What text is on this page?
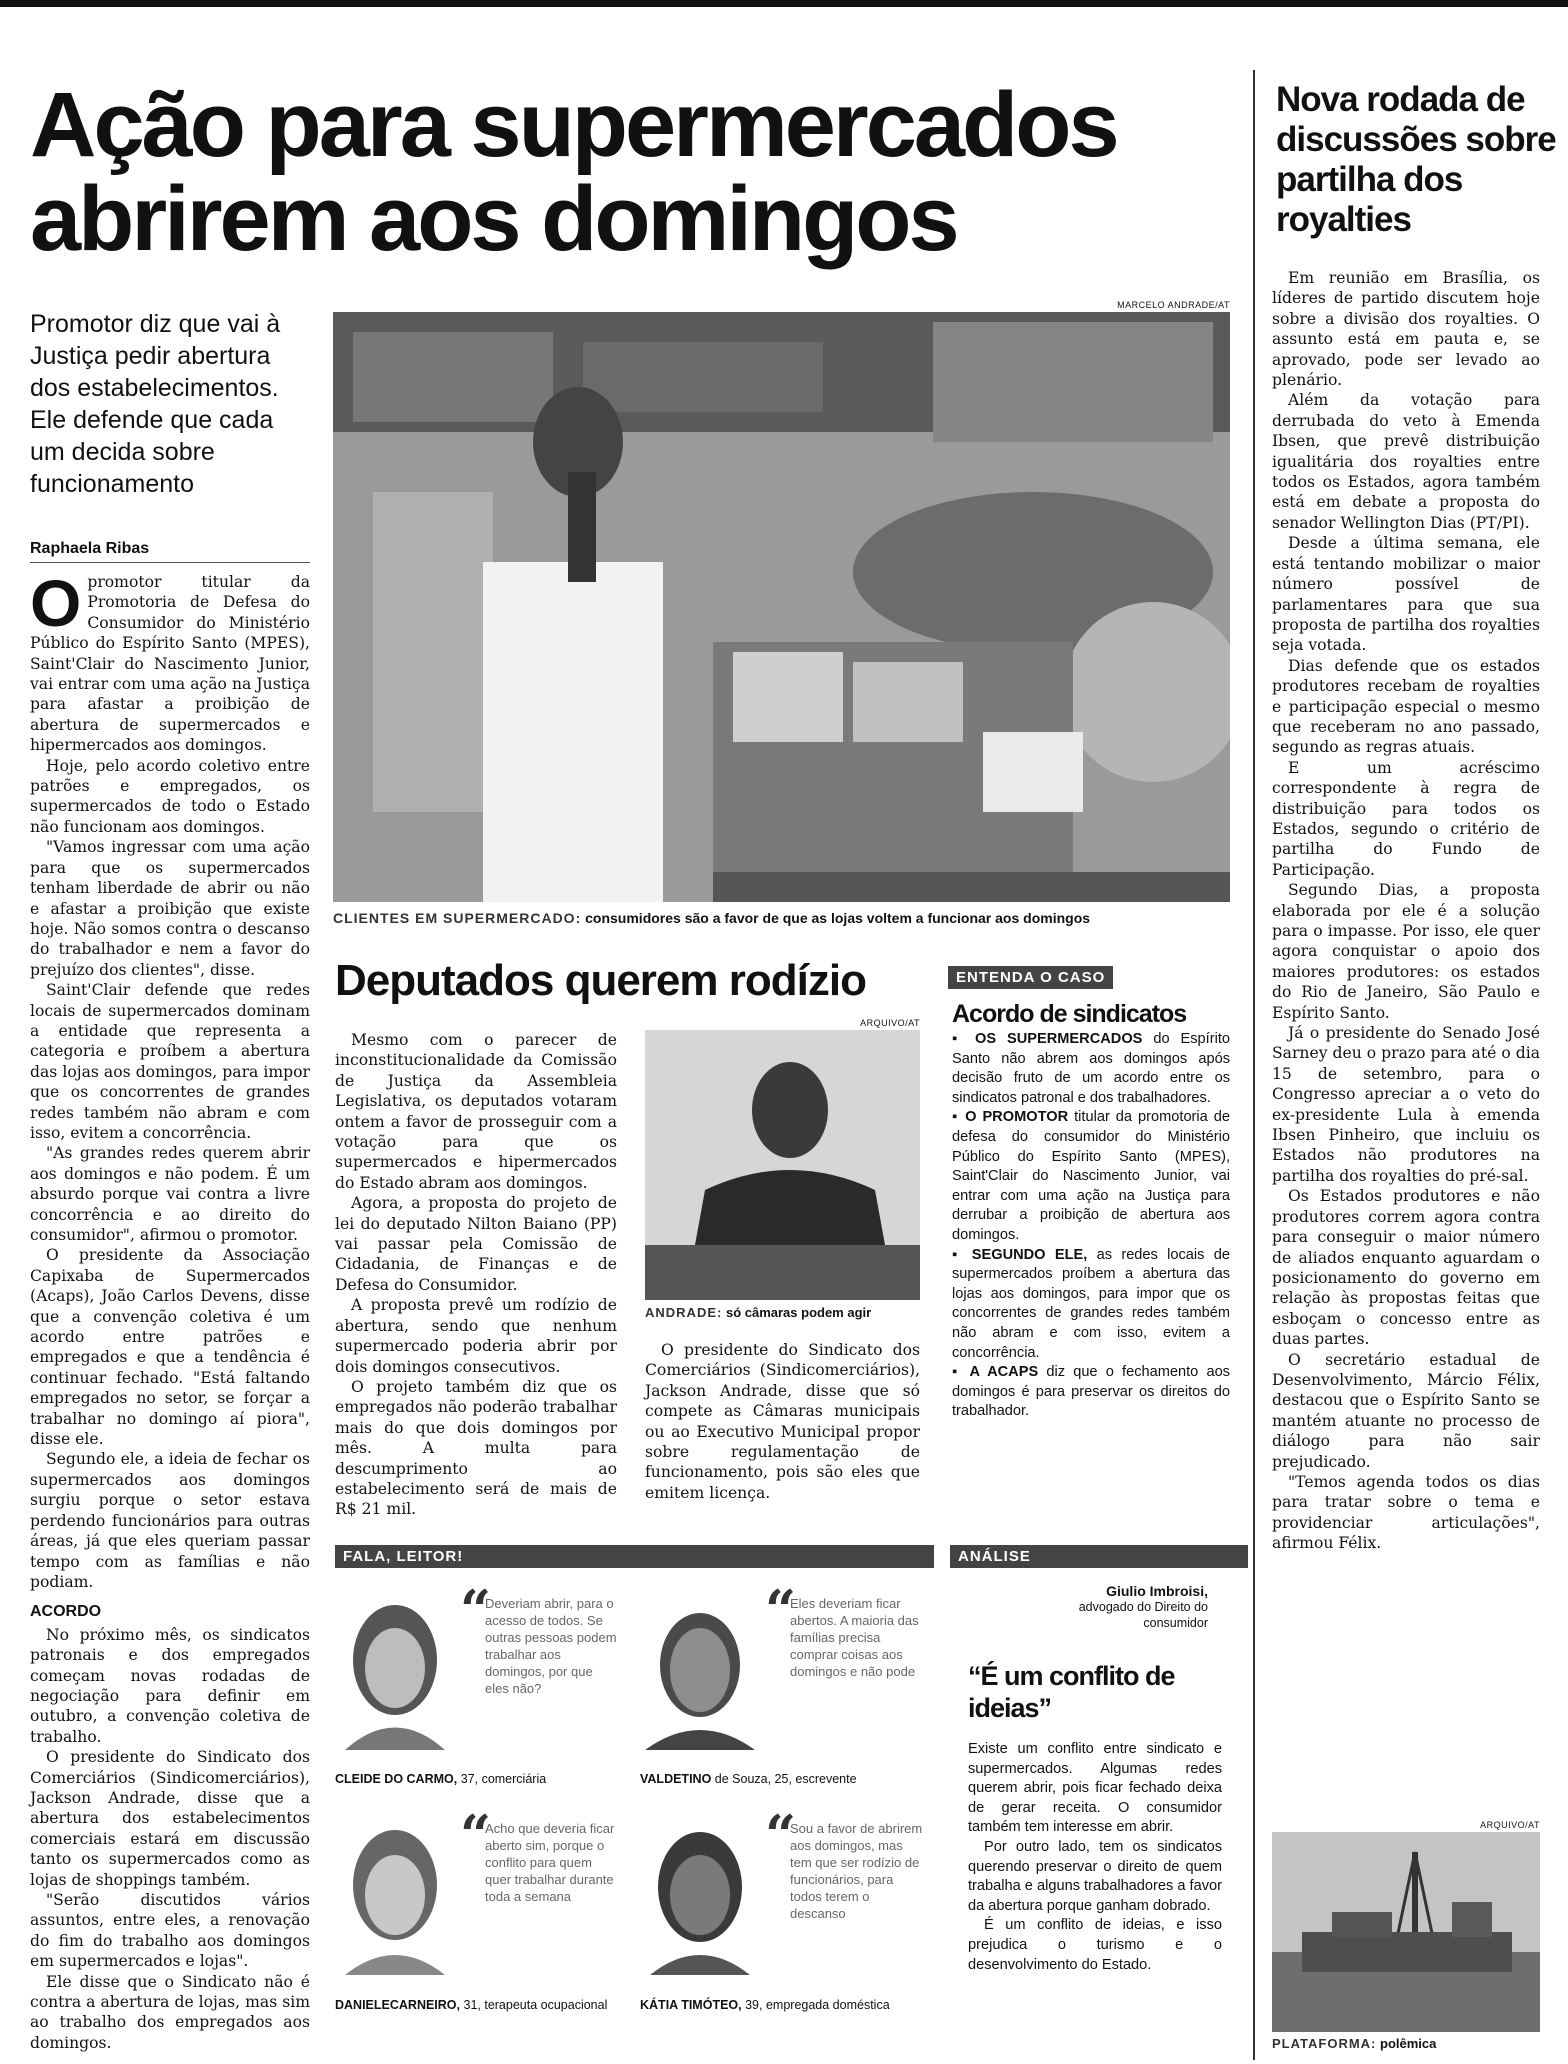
Ação para supermercados abrirem aos domingos

Promotor diz que vai à Justiça pedir abertura dos estabelecimentos. Ele defende que cada um decida sobre funcionamento

Raphaela Ribas

Opromotor titular da Promotoria de Defesa do Consumidor do Ministério Público do Espírito Santo (MPES), Saint'Clair do Nascimento Junior, vai entrar com uma ação na Justiça para afastar a proibição de abertura de supermercados e hipermercados aos domingos.

Hoje, pelo acordo coletivo entre patrões e empregados, os supermercados de todo o Estado não funcionam aos domingos.

"Vamos ingressar com uma ação para que os supermercados tenham liberdade de abrir ou não e afastar a proibição que existe hoje. Não somos contra o descanso do trabalhador e nem a favor do prejuízo dos clientes", disse.

Saint'Clair defende que redes locais de supermercados dominam a entidade que representa a categoria e proíbem a abertura das lojas aos domingos, para impor que os concorrentes de grandes redes também não abram e com isso, evitem a concorrência.

"As grandes redes querem abrir aos domingos e não podem. É um absurdo porque vai contra a livre concorrência e ao direito do consumidor", afirmou o promotor.

O presidente da Associação Capixaba de Supermercados (Acaps), João Carlos Devens, disse que a convenção coletiva é um acordo entre patrões e empregados e que a tendência é continuar fechado. "Está faltando empregados no setor, se forçar a trabalhar no domingo aí piora", disse ele.

Segundo ele, a ideia de fechar os supermercados aos domingos surgiu porque o setor estava perdendo funcionários para outras áreas, já que eles queriam passar tempo com as famílias e não podiam.

ACORDO

No próximo mês, os sindicatos patronais e dos empregados começam novas rodadas de negociação para definir em outubro, a convenção coletiva de trabalho.

O presidente do Sindicato dos Comerciários (Sindicomerciários), Jackson Andrade, disse que a abertura dos estabelecimentos comerciais estará em discussão tanto os supermercados como as lojas de shoppings também.

"Serão discutidos vários assuntos, entre eles, a renovação do fim do trabalho aos domingos em supermercados e lojas".

Ele disse que o Sindicato não é contra a abertura de lojas, mas sim ao trabalho dos empregados aos domingos.

MARCELO ANDRADE/AT
CLIENTES EM SUPERMERCADO: consumidores são a favor de que as lojas voltem a funcionar aos domingos
Deputados querem rodízio

Mesmo com o parecer de inconstitucionalidade da Comissão de Justiça da Assembleia Legislativa, os deputados votaram ontem a favor de prosseguir com a votação para que os supermercados e hipermercados do Estado abram aos domingos.

Agora, a proposta do projeto de lei do deputado Nilton Baiano (PP) vai passar pela Comissão de Cidadania, de Finanças e de Defesa do Consumidor.

A proposta prevê um rodízio de abertura, sendo que nenhum supermercado poderia abrir por dois domingos consecutivos.

O projeto também diz que os empregados não poderão trabalhar mais do que dois domingos por mês. A multa para descumprimento ao estabelecimento será de mais de R$ 21 mil.

ARQUIVO/AT
ANDRADE: só câmaras podem agir

O presidente do Sindicato dos Comerciários (Sindicomerciários), Jackson Andrade, disse que só compete as Câmaras municipais ou ao Executivo Municipal propor sobre regulamentação de funcionamento, pois são eles que emitem licença.

ENTENDA O CASO
Acordo de sindicatos

▪ OS SUPERMERCADOS do Espírito Santo não abrem aos domingos após decisão fruto de um acordo entre os sindicatos patronal e dos trabalhadores.

▪ O PROMOTOR titular da promotoria de defesa do consumidor do Ministério Público do Espírito Santo (MPES), Saint'Clair do Nascimento Junior, vai entrar com uma ação na Justiça para derrubar a proibição de abertura aos domingos.

▪ SEGUNDO ELE, as redes locais de supermercados proíbem a abertura das lojas aos domingos, para impor que os concorrentes de grandes redes também não abram e com isso, evitem a concorrência.

▪ A ACAPS diz que o fechamento aos domingos é para preservar os direitos do trabalhador.

FALA, LEITOR!
“
Deveriam abrir, para o acesso de todos. Se outras pessoas podem trabalhar aos domingos, por que eles não?
CLEIDE DO CARMO, 37, comerciária
“
Eles deveriam ficar abertos. A maioria das famílias precisa comprar coisas aos domingos e não pode
VALDETINO de Souza, 25, escrevente
“
Acho que deveria ficar aberto sim, porque o conflito para quem quer trabalhar durante toda a semana
DANIELECARNEIRO, 31, terapeuta ocupacional
“
Sou a favor de abrirem aos domingos, mas tem que ser rodízio de funcionários, para todos terem o descanso
KÁTIA TIMÓTEO, 39, empregada doméstica
ANÁLISE
Giulio Imbroisi,
advogado do Direito do consumidor
“É um conflito de ideias”

Existe um conflito entre sindicato e supermercados. Algumas redes querem abrir, pois ficar fechado deixa de gerar receita. O consumidor também tem interesse em abrir.

Por outro lado, tem os sindicatos querendo preservar o direito de quem trabalha e alguns trabalhadores a favor da abertura porque ganham dobrado.

É um conflito de ideias, e isso prejudica o turismo e o desenvolvimento do Estado.

Nova rodada de discussões sobre partilha dos royalties

Em reunião em Brasília, os líderes de partido discutem hoje sobre a divisão dos royalties. O assunto está em pauta e, se aprovado, pode ser levado ao plenário.

Além da votação para derrubada do veto à Emenda Ibsen, que prevê distribuição igualitária dos royalties entre todos os Estados, agora também está em debate a proposta do senador Wellington Dias (PT/PI).

Desde a última semana, ele está tentando mobilizar o maior número possível de parlamentares para que sua proposta de partilha dos royalties seja votada.

Dias defende que os estados produtores recebam de royalties e participação especial o mesmo que receberam no ano passado, segundo as regras atuais.

E um acréscimo correspondente à regra de distribuição para todos os Estados, segundo o critério de partilha do Fundo de Participação.

Segundo Dias, a proposta elaborada por ele é a solução para o impasse. Por isso, ele quer agora conquistar o apoio dos maiores produtores: os estados do Rio de Janeiro, São Paulo e Espírito Santo.

Já o presidente do Senado José Sarney deu o prazo para até o dia 15 de setembro, para o Congresso apreciar a o veto do ex-presidente Lula à emenda Ibsen Pinheiro, que incluiu os Estados não produtores na partilha dos royalties do pré-sal.

Os Estados produtores e não produtores correm agora contra para conseguir o maior número de aliados enquanto aguardam o posicionamento do governo em relação às propostas feitas que esboçam o concesso entre as duas partes.

O secretário estadual de Desenvolvimento, Márcio Félix, destacou que o Espírito Santo se mantém atuante no processo de diálogo para não sair prejudicado.

"Temos agenda todos os dias para tratar sobre o tema e providenciar articulações", afirmou Félix.

ARQUIVO/AT
PLATAFORMA: polêmica
